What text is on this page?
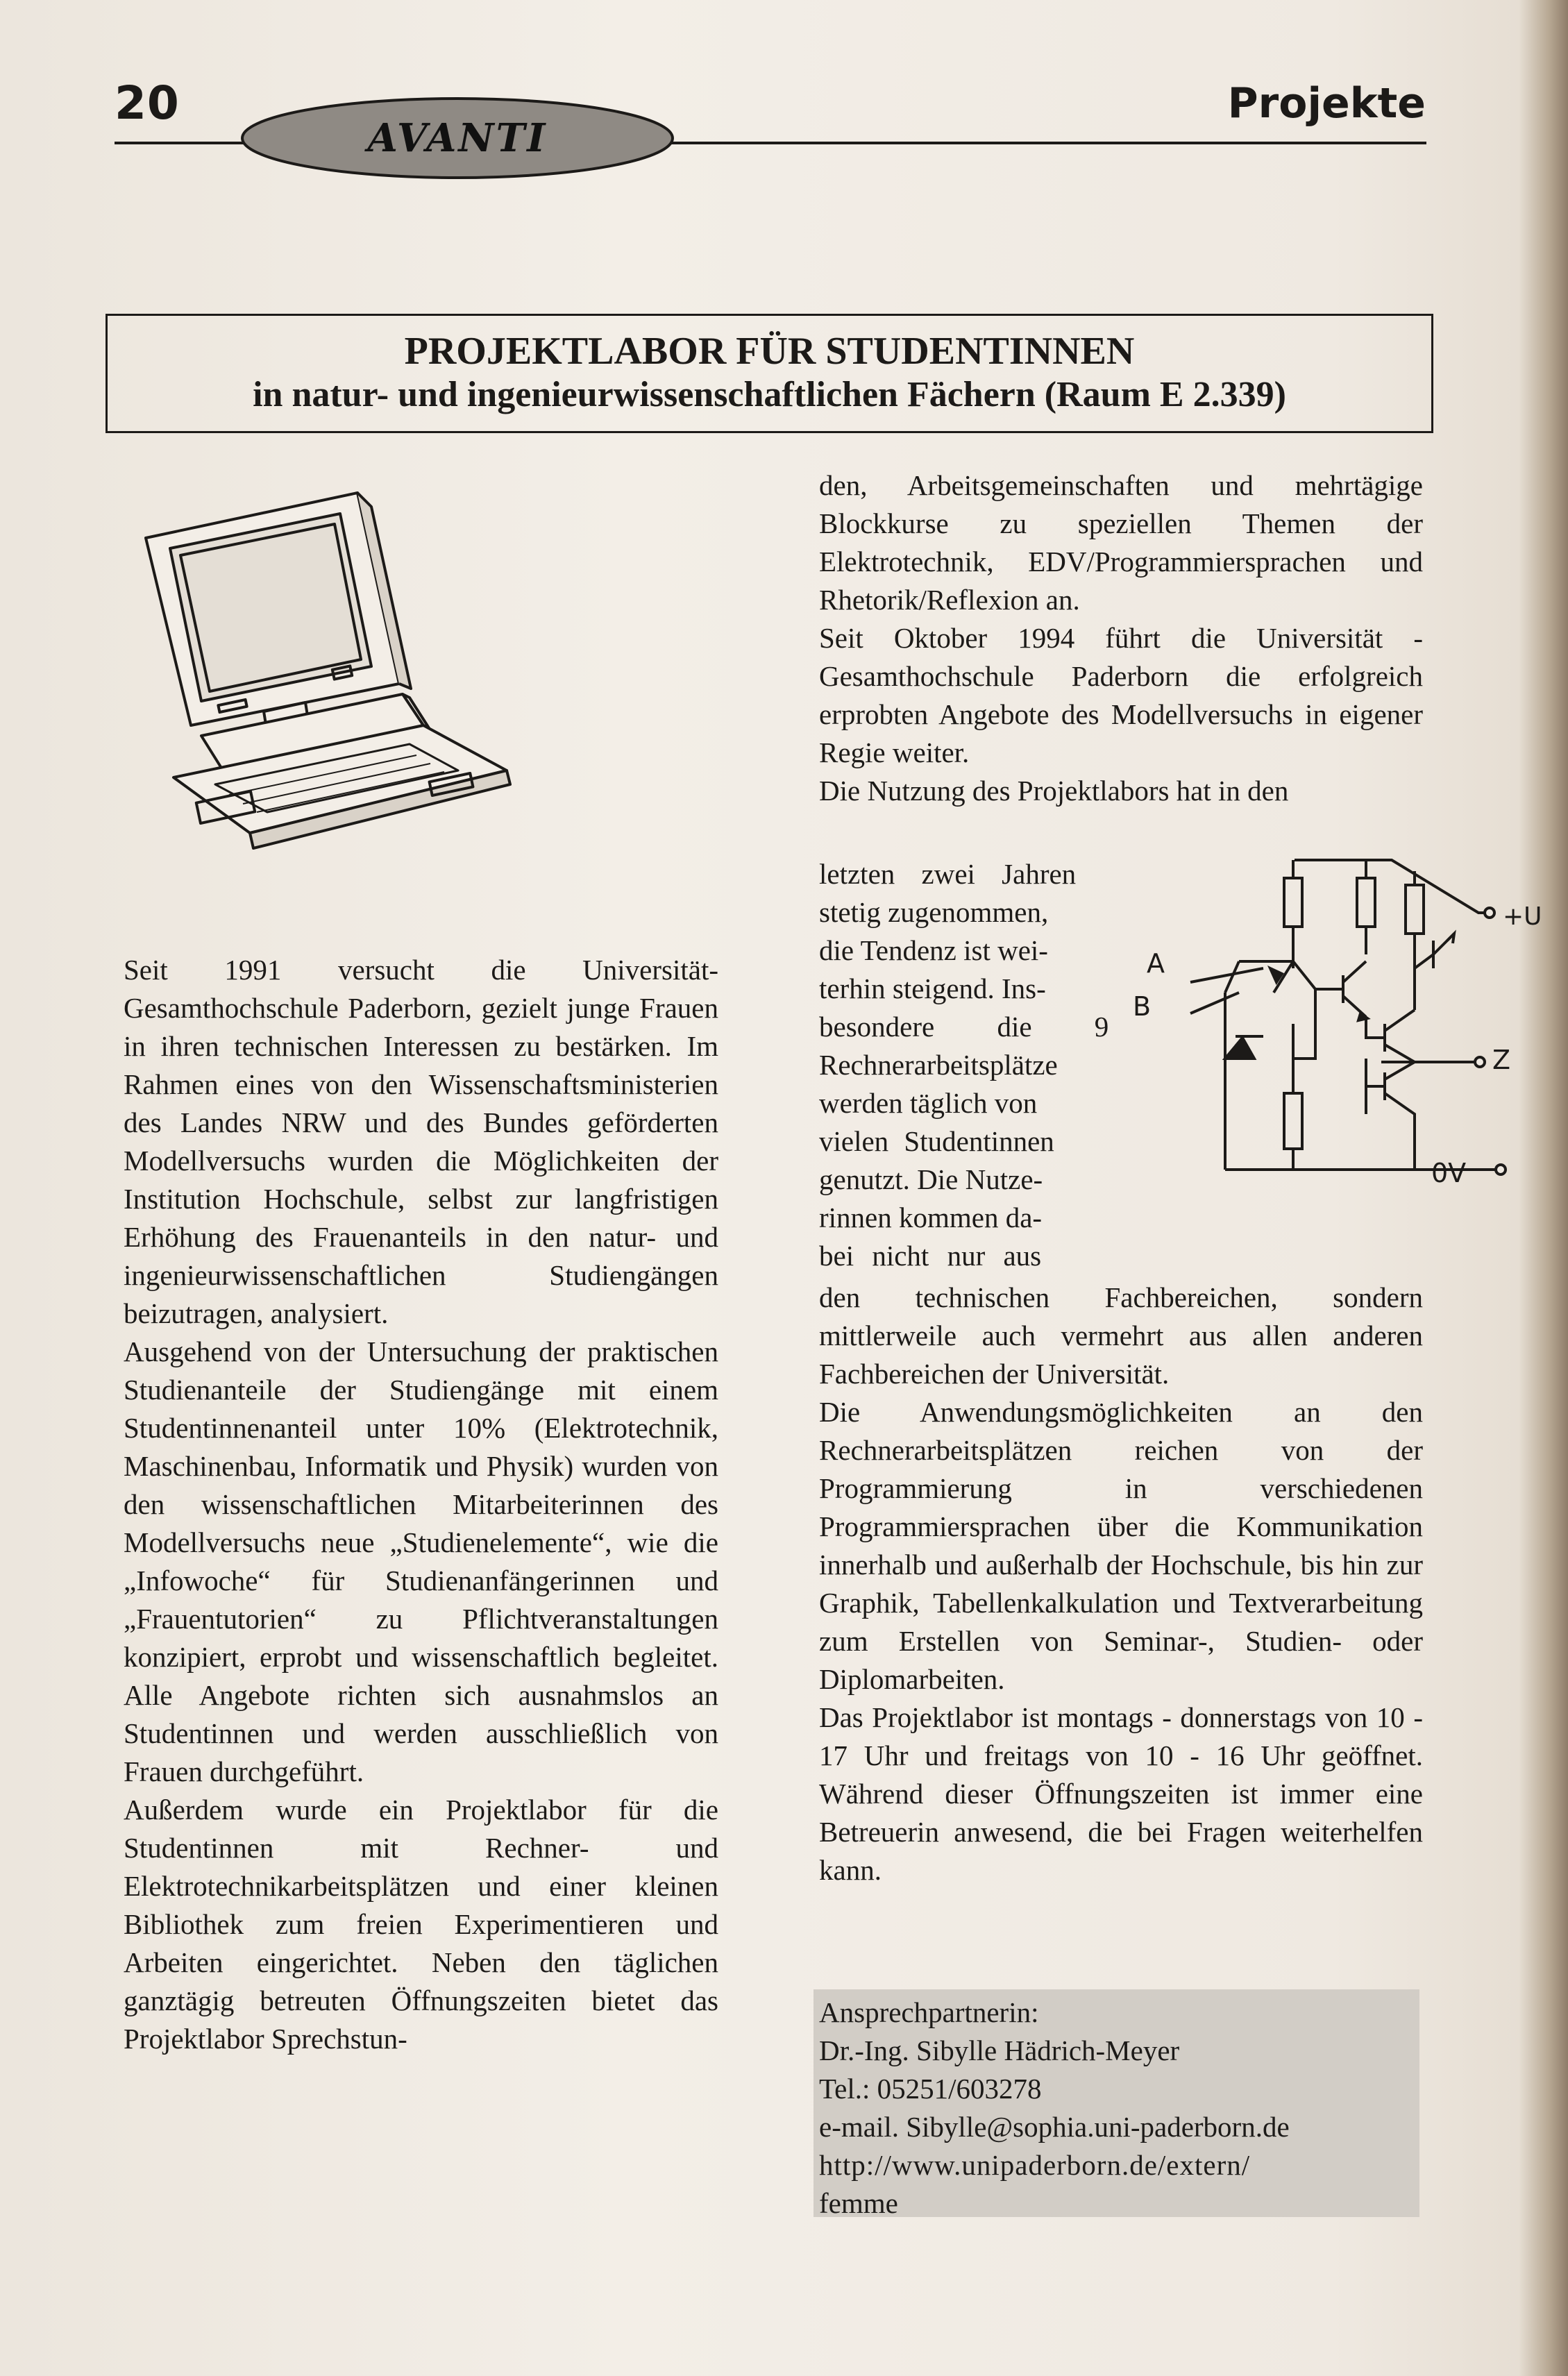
20	Projekte
AVANTI
PROJEKTLABOR FÜR STUDENTINNEN
in natur- und ingenieurwissenschaftlichen Fächern (Raum E 2.339)

Seit 1991 versucht die Universität-Gesamthochschule Paderborn, gezielt junge Frauen in ihren technischen Interessen zu bestärken. Im Rahmen eines von den Wissenschaftsministerien des Landes NRW und des Bundes geförderten Modellversuchs wurden die Möglichkeiten der Institution Hochschule, selbst zur langfristigen Erhöhung des Frauenanteils in den natur- und ingenieurwissenschaftlichen Studiengängen beizutragen, analysiert.

Ausgehend von der Untersuchung der praktischen Studienanteile der Studiengänge mit einem Studentinnenanteil unter 10% (Elektrotechnik, Maschinenbau, Informatik und Physik) wurden von den wissenschaftlichen Mitarbeiterinnen des Modellversuchs neue „Studienelemente“, wie die „Infowoche“ für Studienanfängerinnen und „Frauentutorien“ zu Pflichtveranstaltungen konzipiert, erprobt und wissenschaftlich begleitet. Alle Angebote richten sich ausnahmslos an Studentinnen und werden ausschließlich von Frauen durchgeführt.

Außerdem wurde ein Projektlabor für die Studentinnen mit Rechner- und Elektrotechnikarbeitsplätzen und einer kleinen Bibliothek zum freien Experimentieren und Arbeiten eingerichtet. Neben den täglichen ganztägig betreuten Öffnungszeiten bietet das Projektlabor Sprechstun-

den, Arbeitsgemeinschaften und mehrtägige Blockkurse zu speziellen Themen der Elektrotechnik, EDV/Programmiersprachen und Rhetorik/Reflexion an.

Seit Oktober 1994 führt die Universität - Gesamthochschule Paderborn die erfolgreich erprobten Angebote des Modellversuchs in eigener Regie weiter.

Die Nutzung des Projektlabors hat in den

letzten zwei Jahren
stetig zugenommen,
die Tendenz ist wei-
terhin steigend. Ins-
besondere die 9
Rechnerarbeitsplätze
werden täglich von
vielen Studentinnen
genutzt. Die Nutze-
rinnen kommen da-
bei nicht nur aus

den technischen Fachbereichen, sondern mittlerweile auch vermehrt aus allen anderen Fachbereichen der Universität.

Die Anwendungsmöglichkeiten an den Rechnerarbeitsplätzen reichen von der Programmierung in verschiedenen Programmiersprachen über die Kommunikation innerhalb und außerhalb der Hochschule, bis hin zur Graphik, Tabellenkalkulation und Textverarbeitung zum Erstellen von Seminar-, Studien- oder Diplomarbeiten.

Das Projektlabor ist montags - donnerstags von 10 - 17 Uhr und freitags von 10 - 16 Uhr geöffnet. Während dieser Öffnungszeiten ist immer eine Betreuerin anwesend, die bei Fragen weiterhelfen kann.

A
B
+U
Z
0V
Ansprechpartnerin:
Dr.-Ing. Sibylle Hädrich-Meyer
Tel.: 05251/603278
e-mail. Sibylle@sophia.uni-paderborn.de
http://www.unipaderborn.de/extern/
femme
